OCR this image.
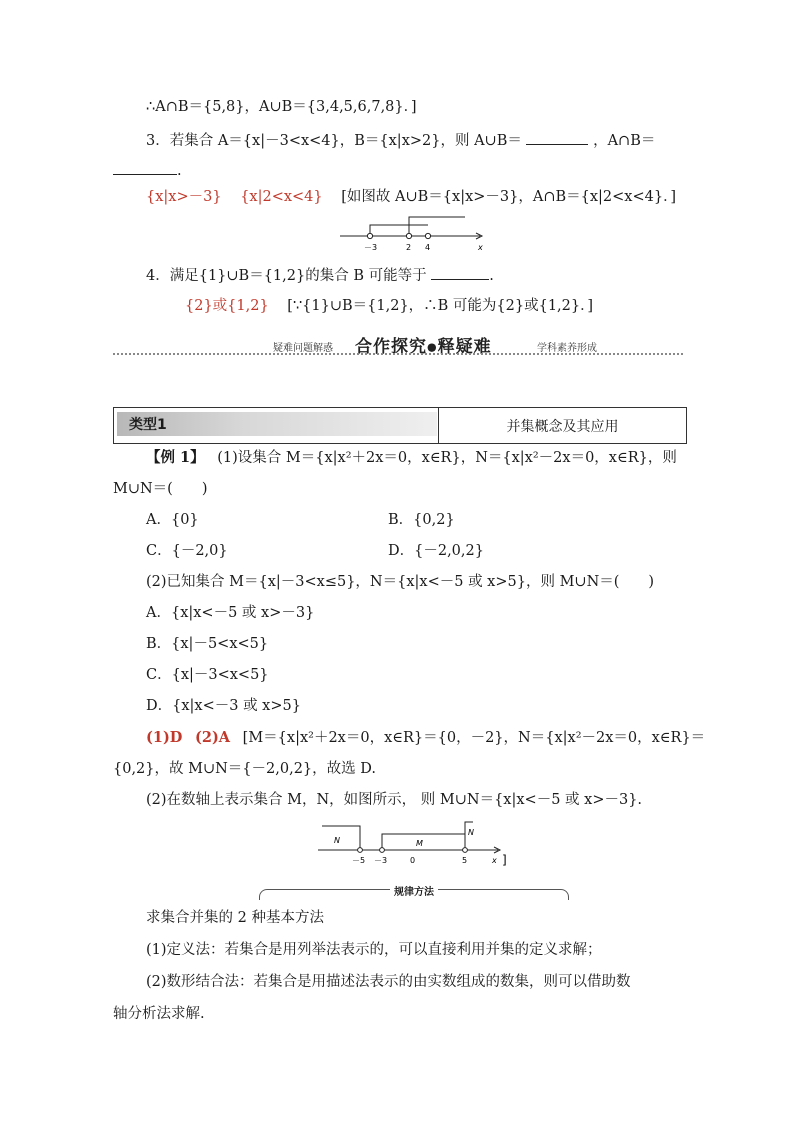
∴A∩B＝{5,8}，A∪B＝{3,4,5,6,7,8}．]
3．若集合 A＝{x|－3<x<4}，B＝{x|x>2}，则 A∪B＝	，A∩B＝
.
{x|x>－3} {x|2<x<4} [如图故 A∪B＝{x|x>－3}，A∩B＝{x|2<x<4}．]
－3	2 4	x
4．满足{1}∪B＝{1,2}的集合 B 可能等于	.
{2}或{1,2} [∵{1}∪B＝{1,2}，∴B 可能为{2}或{1,2}．]
疑难问题解惑 合作探究●释疑难	学科素养形成
类型1	并集概念及其应用
【例 1】 (1)设集合 M＝{x|x²＋2x＝0，x∈R}，N＝{x|x²－2x＝0，x∈R}，则
M∪N＝(　　)
A．{0}	B．{0,2}
C．{－2,0}	D．{－2,0,2}
(2)已知集合 M＝{x|－3<x≤5}，N＝{x|x<－5 或 x>5}，则 M∪N＝(　　)
A．{x|x<－5 或 x>－3}
B．{x|－5<x<5}
C．{x|－3<x<5}
D．{x|x<－3 或 x>5}
(1)D (2)A [M＝{x|x²＋2x＝0，x∈R}＝{0，－2}，N＝{x|x²－2x＝0，x∈R}＝
{0,2}，故 M∪N＝{－2,0,2}，故选 D.
(2)在数轴上表示集合 M，N，如图所示， 则 M∪N＝{x|x<－5 或 x>－3}.
N	M
N
－5 －3	0	5	x ]
规律方法
求集合并集的 2 种基本方法
(1)定义法：若集合是用列举法表示的，可以直接利用并集的定义求解；
(2)数形结合法：若集合是用描述法表示的由实数组成的数集，则可以借助数
轴分析法求解.
